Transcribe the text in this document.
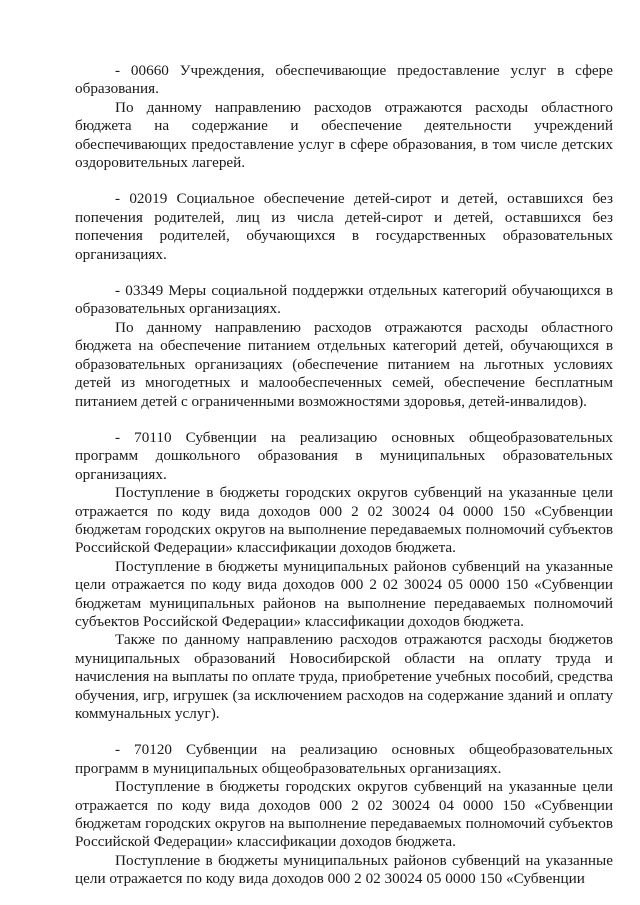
- 00660 Учреждения, обеспечивающие предоставление услуг в сфере образования.

По данному направлению расходов отражаются расходы областного бюджета на содержание и обеспечение деятельности учреждений обеспечивающих предоставление услуг в сфере образования, в том числе детских оздоровительных лагерей.

- 02019 Социальное обеспечение детей-сирот и детей, оставшихся без попечения родителей, лиц из числа детей-сирот и детей, оставшихся без попечения родителей, обучающихся в государственных образовательных организациях.

- 03349 Меры социальной поддержки отдельных категорий обучающихся в образовательных организациях.

По данному направлению расходов отражаются расходы областного бюджета на обеспечение питанием отдельных категорий детей, обучающихся в образовательных организациях (обеспечение питанием на льготных условиях детей из многодетных и малообеспеченных семей, обеспечение бесплатным питанием детей с ограниченными возможностями здоровья, детей-инвалидов).

- 70110 Субвенции на реализацию основных общеобразовательных программ дошкольного образования в муниципальных образовательных организациях.

Поступление в бюджеты городских округов субвенций на указанные цели отражается по коду вида доходов 000 2 02 30024 04 0000 150 «Субвенции бюджетам городских округов на выполнение передаваемых полномочий субъектов Российской Федерации» классификации доходов бюджета.

Поступление в бюджеты муниципальных районов субвенций на указанные цели отражается по коду вида доходов 000 2 02 30024 05 0000 150 «Субвенции бюджетам муниципальных районов на выполнение передаваемых полномочий субъектов Российской Федерации» классификации доходов бюджета.

Также по данному направлению расходов отражаются расходы бюджетов муниципальных образований Новосибирской области на оплату труда и начисления на выплаты по оплате труда, приобретение учебных пособий, средства обучения, игр, игрушек (за исключением расходов на содержание зданий и оплату коммунальных услуг).

- 70120 Субвенции на реализацию основных общеобразовательных программ в муниципальных общеобразовательных организациях.

Поступление в бюджеты городских округов субвенций на указанные цели отражается по коду вида доходов 000 2 02 30024 04 0000 150 «Субвенции бюджетам городских округов на выполнение передаваемых полномочий субъектов Российской Федерации» классификации доходов бюджета.

Поступление в бюджеты муниципальных районов субвенций на указанные цели отражается по коду вида доходов 000 2 02 30024 05 0000 150 «Субвенции
